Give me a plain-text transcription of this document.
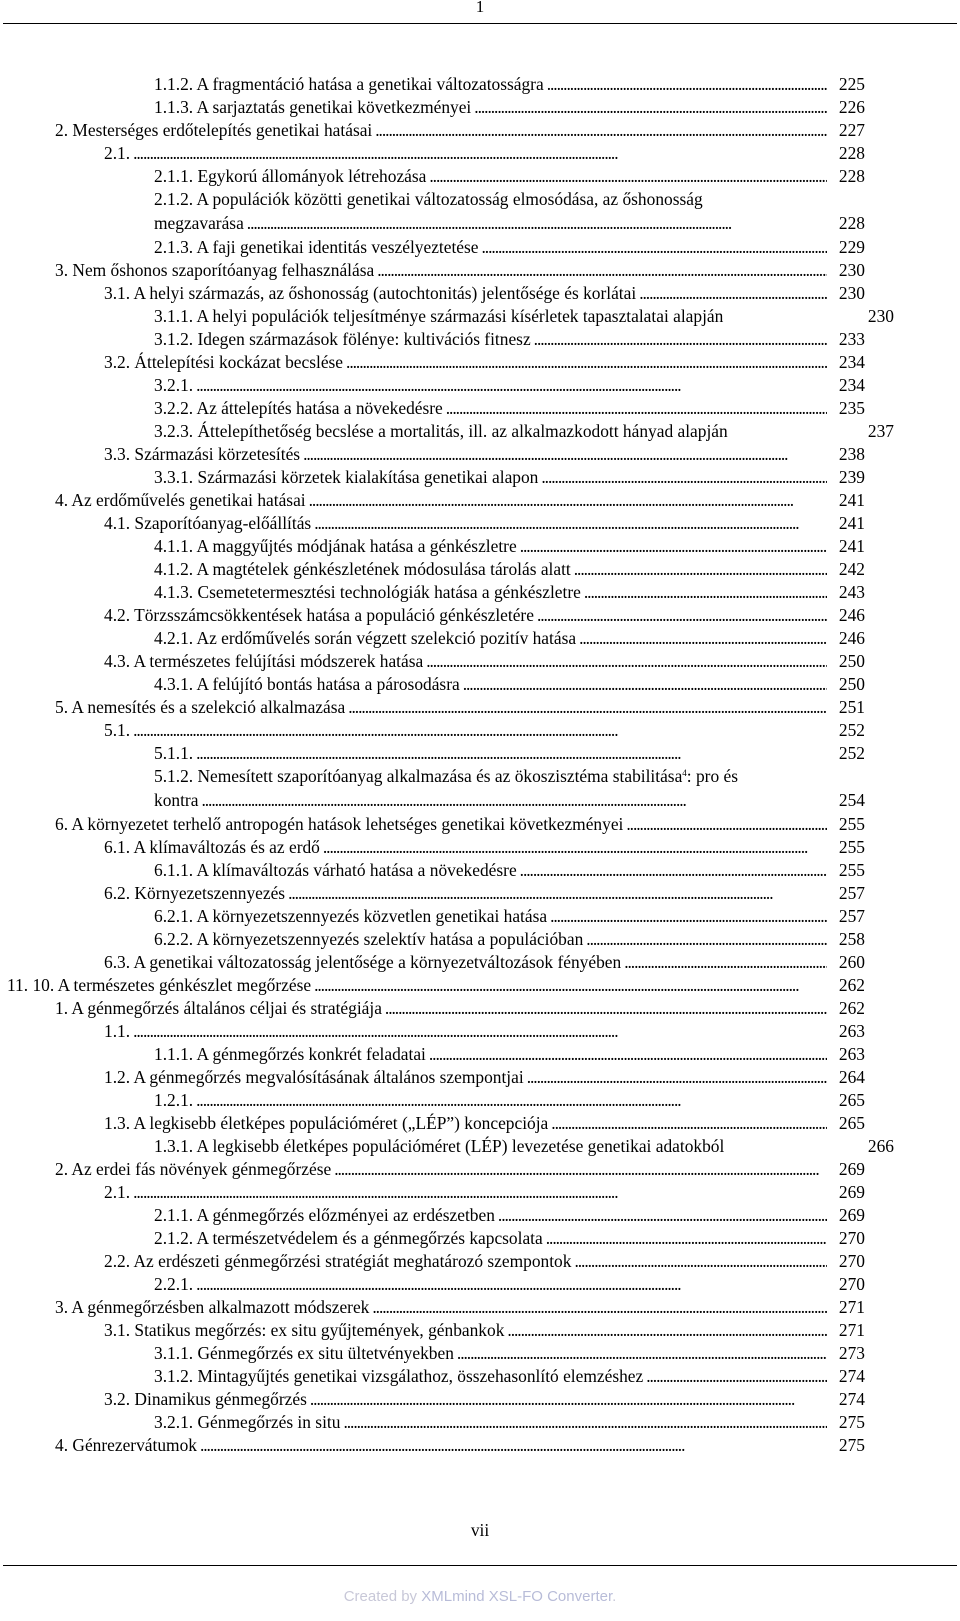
1
1.1.2. A fragmentáció hatása a genetikai változatosságra . . .	225
1.1.3. A sarjaztatás genetikai következményei . . .	226
2. Mesterséges erdőtelepítés genetikai hatásai . . .	227
2.1. . . .	228
2.1.1. Egykorú állományok létrehozása . . .	228
2.1.2. A populációk közötti genetikai változatosság elmosódása, az őshonosság
megzavarása . . .	228
2.1.3. A faji genetikai identitás veszélyeztetése . . .	229
3. Nem őshonos szaporítóanyag felhasználása . . .	230
3.1. A helyi származás, az őshonosság (autochtonitás) jelentősége és korlátai . . .	230
3.1.1. A helyi populációk teljesítménye származási kísérletek tapasztalatai alapján	230
3.1.2. Idegen származások fölénye: kultivációs fitnesz . . .	233
3.2. Áttelepítési kockázat becslése . . .	234
3.2.1. . . .	234
3.2.2. Az áttelepítés hatása a növekedésre . . .	235
3.2.3. Áttelepíthetőség becslése a mortalitás, ill. az alkalmazkodott hányad alapján	237
3.3. Származási körzetesítés . . .	238
3.3.1. Származási körzetek kialakítása genetikai alapon . . .	239
4. Az erdőművelés genetikai hatásai . . .	241
4.1. Szaporítóanyag-előállítás . . .	241
4.1.1. A maggyűjtés módjának hatása a génkészletre . . .	241
4.1.2. A magtételek génkészletének módosulása tárolás alatt . . .	242
4.1.3. Csemetetermesztési technológiák hatása a génkészletre . . .	243
4.2. Törzsszámcsökkentések hatása a populáció génkészletére . . .	246
4.2.1. Az erdőművelés során végzett szelekció pozitív hatása . . .	246
4.3. A természetes felújítási módszerek hatása . . .	250
4.3.1. A felújító bontás hatása a párosodásra . . .	250
5. A nemesítés és a szelekció alkalmazása . . .	251
5.1. . . .	252
5.1.1. . . .	252
5.1.2. Nemesített szaporítóanyag alkalmazása és az ökoszisztéma stabilitása$^4$: pro és
kontra . . .	254
6. A környezetet terhelő antropogén hatások lehetséges genetikai következményei . . .	255
6.1. A klímaváltozás és az erdő . . .	255
6.1.1. A klímaváltozás várható hatása a növekedésre . . .	255
6.2. Környezetszennyezés . . .	257
6.2.1. A környezetszennyezés közvetlen genetikai hatása . . .	257
6.2.2. A környezetszennyezés szelektív hatása a populációban . . .	258
6.3. A genetikai változatosság jelentősége a környezetváltozások fényében . . .	260
11. 10. A természetes génkészlet megőrzése . . .	262
1. A génmegőrzés általános céljai és stratégiája . . .	262
1.1. . . .	263
1.1.1. A génmegőrzés konkrét feladatai . . .	263
1.2. A génmegőrzés megvalósításának általános szempontjai . . .	264
1.2.1. . . .	265
1.3. A legkisebb életképes populációméret („LÉP”) koncepciója . . .	265
1.3.1. A legkisebb életképes populációméret (LÉP) levezetése genetikai adatokból	266
2. Az erdei fás növények génmegőrzése . . .	269
2.1. . . .	269
2.1.1. A génmegőrzés előzményei az erdészetben . . .	269
2.1.2. A természetvédelem és a génmegőrzés kapcsolata . . .	270
2.2. Az erdészeti génmegőrzési stratégiát meghatározó szempontok . . .	270
2.2.1. . . .	270
3. A génmegőrzésben alkalmazott módszerek . . .	271
3.1. Statikus megőrzés: ex situ gyűjtemények, génbankok . . .	271
3.1.1. Génmegőrzés ex situ ültetvényekben . . .	273
3.1.2. Mintagyűjtés genetikai vizsgálathoz, összehasonlító elemzéshez . . .	274
3.2. Dinamikus génmegőrzés . . .	274
3.2.1. Génmegőrzés in situ . . .	275
4. Génrezervátumok . . .	275
vii
Created by XMLmind XSL-FO Converter.
